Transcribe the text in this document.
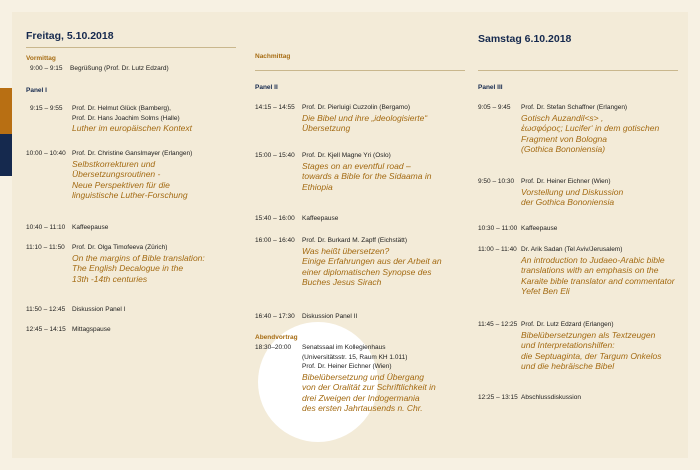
Freitag, 5.10.2018
Vormittag
9:00 – 9:15 Begrüßung (Prof. Dr. Lutz Edzard)
Panel I
9:15 – 9:55 Prof. Dr. Helmut Glück (Bamberg),
Prof. Dr. Hans Joachim Solms (Halle)
Luther im europäischen Kontext
10:00 – 10:40 Prof. Dr. Christine Ganslmayer (Erlangen)
Selbstkorrekturen und
Übersetzungsroutinen -
Neue Perspektiven für die
linguistische Luther-Forschung
10:40 – 11:10 Kaffeepause
11:10 – 11:50 Prof. Dr. Olga Timofeeva (Zürich)
On the margins of Bible translation:
The English Decalogue in the
13th -14th centuries
11:50 – 12:45 Diskussion Panel I
12:45 – 14:15 Mittagspause
Nachmittag
Panel II
14:15 – 14:55 Prof. Dr. Pierluigi Cuzzolin (Bergamo)
Die Bibel und ihre „ideologisierte“
Übersetzung
15:00 – 15:40 Prof. Dr. Kjell Magne Yri (Oslo)
Stages on an eventful road –
towards a Bible for the Sidaama in
Ethiopia
15:40 – 16:00 Kaffeepause
16:00 – 16:40 Prof. Dr. Burkard M. Zapff (Eichstätt)
Was heißt übersetzen?
Einige Erfahrungen aus der Arbeit an
einer diplomatischen Synopse des
Buches Jesus Sirach
16:40 – 17:30 Diskussion Panel II
Abendvortrag
18:30–20:00 Senatssaal im Kollegienhaus
(Universitätsstr. 15, Raum KH 1.011)
Prof. Dr. Heiner Eichner (Wien)
Bibelübersetzung und Übergang
von der Oralität zur Schriftlichkeit in
drei Zweigen der Indogermania
des ersten Jahrtausends n. Chr.
Samstag 6.10.2018
Panel III
9:05 – 9:45 Prof. Dr. Stefan Schaffner (Erlangen)
Gotisch Auzandil<s> ,
ἑωσφόρος; Lucifer‘ in dem gotischen
Fragment von Bologna
(Gothica Bononiensia)
9:50 – 10:30 Prof. Dr. Heiner Eichner (Wien)
Vorstellung und Diskussion
der Gothica Bononiensia
10:30 – 11:00 Kaffeepause
11:00 – 11:40 Dr. Arik Sadan (Tel Aviv/Jerusalem)
An introduction to Judaeo-Arabic bible
translations with an emphasis on the
Karaite bible translator and commentator
Yefet Ben Eli
11:45 – 12:25 Prof. Dr. Lutz Edzard (Erlangen)
Bibelübersetzungen als Textzeugen
und Interpretationshilfen:
die Septuaginta, der Targum Onkelos
und die hebräische Bibel
12:25 – 13:15 Abschlussdiskussion
